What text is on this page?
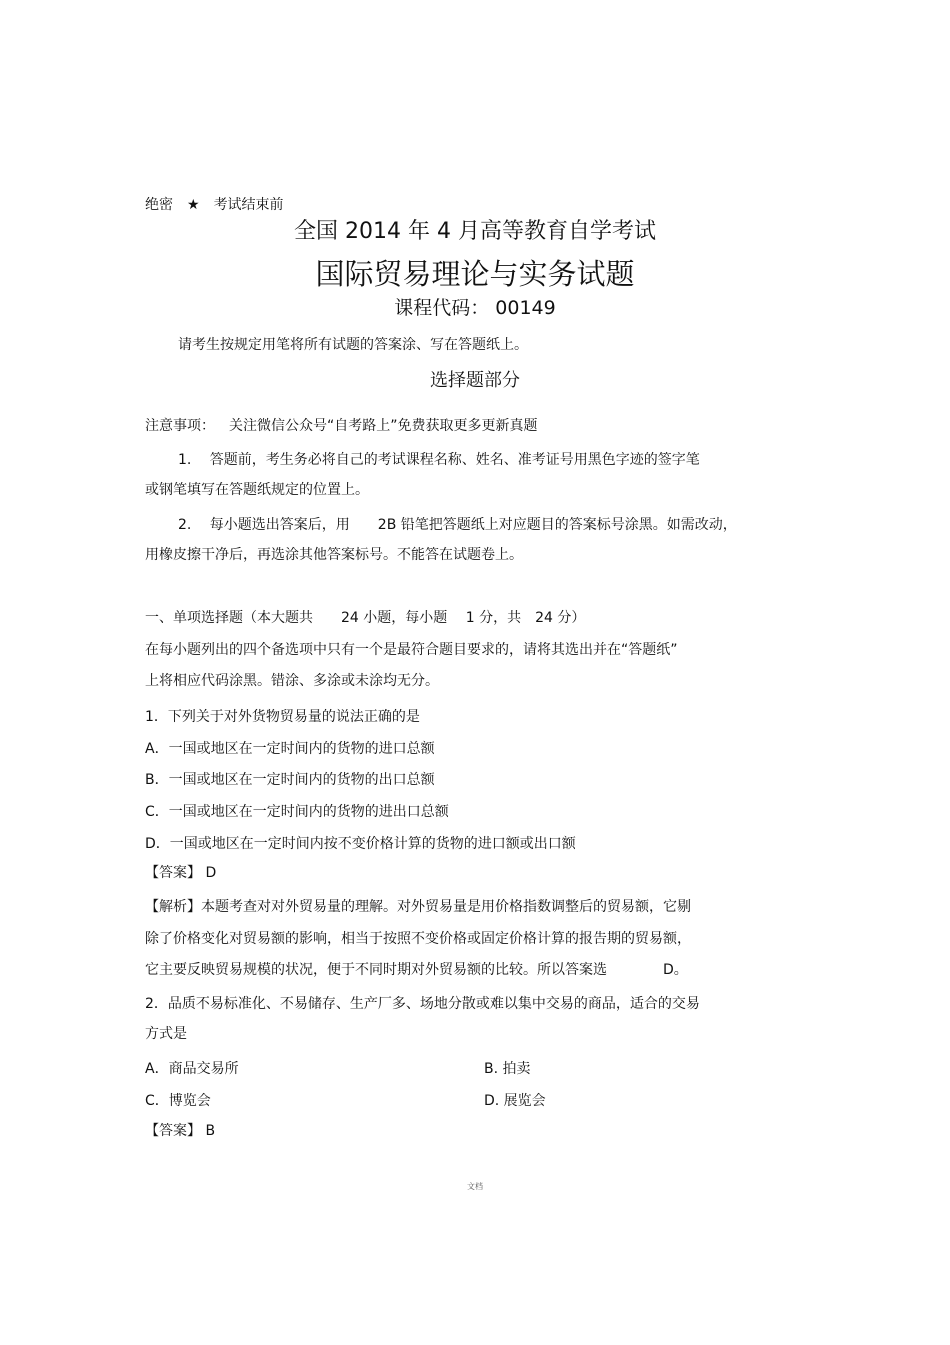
绝密 ★ 考试结束前
全国 2014 年 4 月高等教育自学考试
国际贸易理论与实务试题
课程代码： 00149
请考生按规定用笔将所有试题的答案涂、写在答题纸上。
选择题部分
注意事项： 关注微信公众号“自考路上”免费获取更多更新真题
1.　 答题前，考生务必将自己的考试课程名称、姓名、准考证号用黑色字迹的签字笔
或钢笔填写在答题纸规定的位置上。
2.　 每小题选出答案后，用　　2B 铅笔把答题纸上对应题目的答案标号涂黑。如需改动，
用橡皮擦干净后，再选涂其他答案标号。不能答在试题卷上。
一、单项选择题（本大题共　　24 小题，每小题　 1 分，共　24 分）
在每小题列出的四个备选项中只有一个是最符合题目要求的，请将其选出并在“答题纸”
上将相应代码涂黑。错涂、多涂或未涂均无分。
1．下列关于对外货物贸易量的说法正确的是
A．一国或地区在一定时间内的货物的进口总额
B．一国或地区在一定时间内的货物的出口总额
C．一国或地区在一定时间内的货物的进出口总额
D．一国或地区在一定时间内按不变价格计算的货物的进口额或出口额
【答案】 D
【解析】本题考查对对外贸易量的理解。对外贸易量是用价格指数调整后的贸易额，它剔
除了价格变化对贸易额的影响，相当于按照不变价格或固定价格计算的报告期的贸易额，
它主要反映贸易规模的状况，便于不同时期对外贸易额的比较。所以答案选　　　　D。
2．品质不易标准化、不易储存、生产厂多、场地分散或难以集中交易的商品，适合的交易
方式是
A．商品交易所	B. 拍卖
C．博览会	D. 展览会
【答案】 B
文档
